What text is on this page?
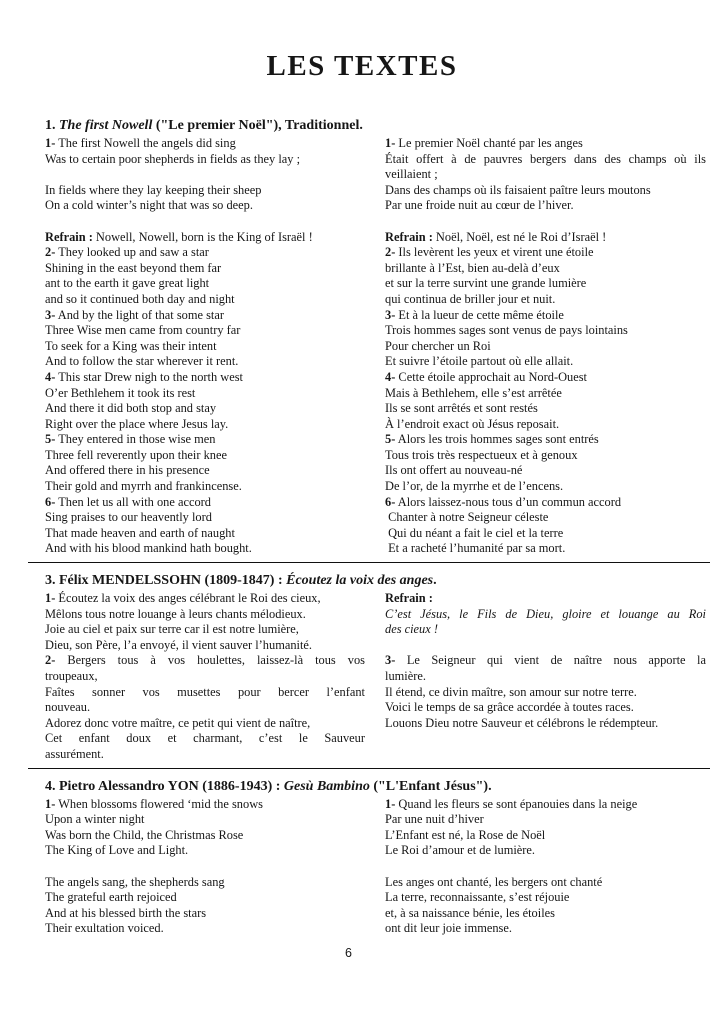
LES TEXTES
1. The first Nowell ("Le premier Noël"), Traditionnel.
1- The first Nowell the angels did sing
Was to certain poor shepherds in fields as they lay ;
In fields where they lay keeping their sheep
On a cold winter’s night that was so deep.
Refrain : Nowell, Nowell, born is the King of Israël !
2- They looked up and saw a star
Shining in the east beyond them far
ant to the earth it gave great light
and so it continued both day and night
3- And by the light of that some star
Three Wise men came from country far
To seek for a King was their intent
And to follow the star wherever it rent.
4- This star Drew nigh to the north west
O’er Bethlehem it took its rest
And there it did both stop and stay
Right over the place where Jesus lay.
5- They entered in those wise men
Three fell reverently upon their knee
And offered there in his presence
Their gold and myrrh and frankincense.
6- Then let us all with one accord
Sing praises to our heavently lord
That made heaven and earth of naught
And with his blood mankind hath bought.
1- Le premier Noël chanté par les anges
Était offert à de pauvres bergers dans des champs où ils
veillaient ;
Dans des champs où ils faisaient paître leurs moutons
Par une froide nuit au cœur de l’hiver.
Refrain : Noël, Noël, est né le Roi d’Israël !
2- Ils levèrent les yeux et virent une étoile
brillante à l’Est, bien au-delà d’eux
et sur la terre survint une grande lumière
qui continua de briller jour et nuit.
3- Et à la lueur de cette même étoile
Trois hommes sages sont venus de pays lointains
Pour chercher un Roi
Et suivre l’étoile partout où elle allait.
4- Cette étoile approchait au Nord-Ouest
Mais à Bethlehem, elle s’est arrêtée
Ils se sont arrêtés et sont restés
À l’endroit exact où Jésus reposait.
5- Alors les trois hommes sages sont entrés
Tous trois très respectueux et à genoux
Ils ont offert au nouveau-né
De l’or, de la myrrhe et de l’encens.
6- Alors laissez-nous tous d’un commun accord
Chanter à notre Seigneur céleste
Qui du néant a fait le ciel et la terre
Et a racheté l’humanité par sa mort.
3. Félix MENDELSSOHN (1809-1847) : Écoutez la voix des anges.
1- Écoutez la voix des anges célébrant le Roi des cieux,
Mêlons tous notre louange à leurs chants mélodieux.
Joie au ciel et paix sur terre car il est notre lumière,
Dieu, son Père, l’a envoyé, il vient sauver l’humanité.
2- Bergers tous à vos houlettes, laissez-là tous vos
troupeaux,
Faîtes sonner vos musettes pour bercer l’enfant
nouveau.
Adorez donc votre maître, ce petit qui vient de naître,
Cet enfant doux et charmant, c’est le Sauveur
assurément.
Refrain :
C’est Jésus, le Fils de Dieu, gloire et louange au Roi
des cieux !
3- Le Seigneur qui vient de naître nous apporte la
lumière.
Il étend, ce divin maître, son amour sur notre terre.
Voici le temps de sa grâce accordée à toutes races.
Louons Dieu notre Sauveur et célébrons le rédempteur.
4. Pietro Alessandro YON (1886-1943) : Gesù Bambino ("L'Enfant Jésus").
1- When blossoms flowered ‘mid the snows
Upon a winter night
Was born the Child, the Christmas Rose
The King of Love and Light.
The angels sang, the shepherds sang
The grateful earth rejoiced
And at his blessed birth the stars
Their exultation voiced.
1- Quand les fleurs se sont épanouies dans la neige
Par une nuit d’hiver
L’Enfant est né, la Rose de Noël
Le Roi d’amour et de lumière.
Les anges ont chanté, les bergers ont chanté
La terre, reconnaissante, s’est réjouie
et, à sa naissance bénie, les étoiles
ont dit leur joie immense.
6
